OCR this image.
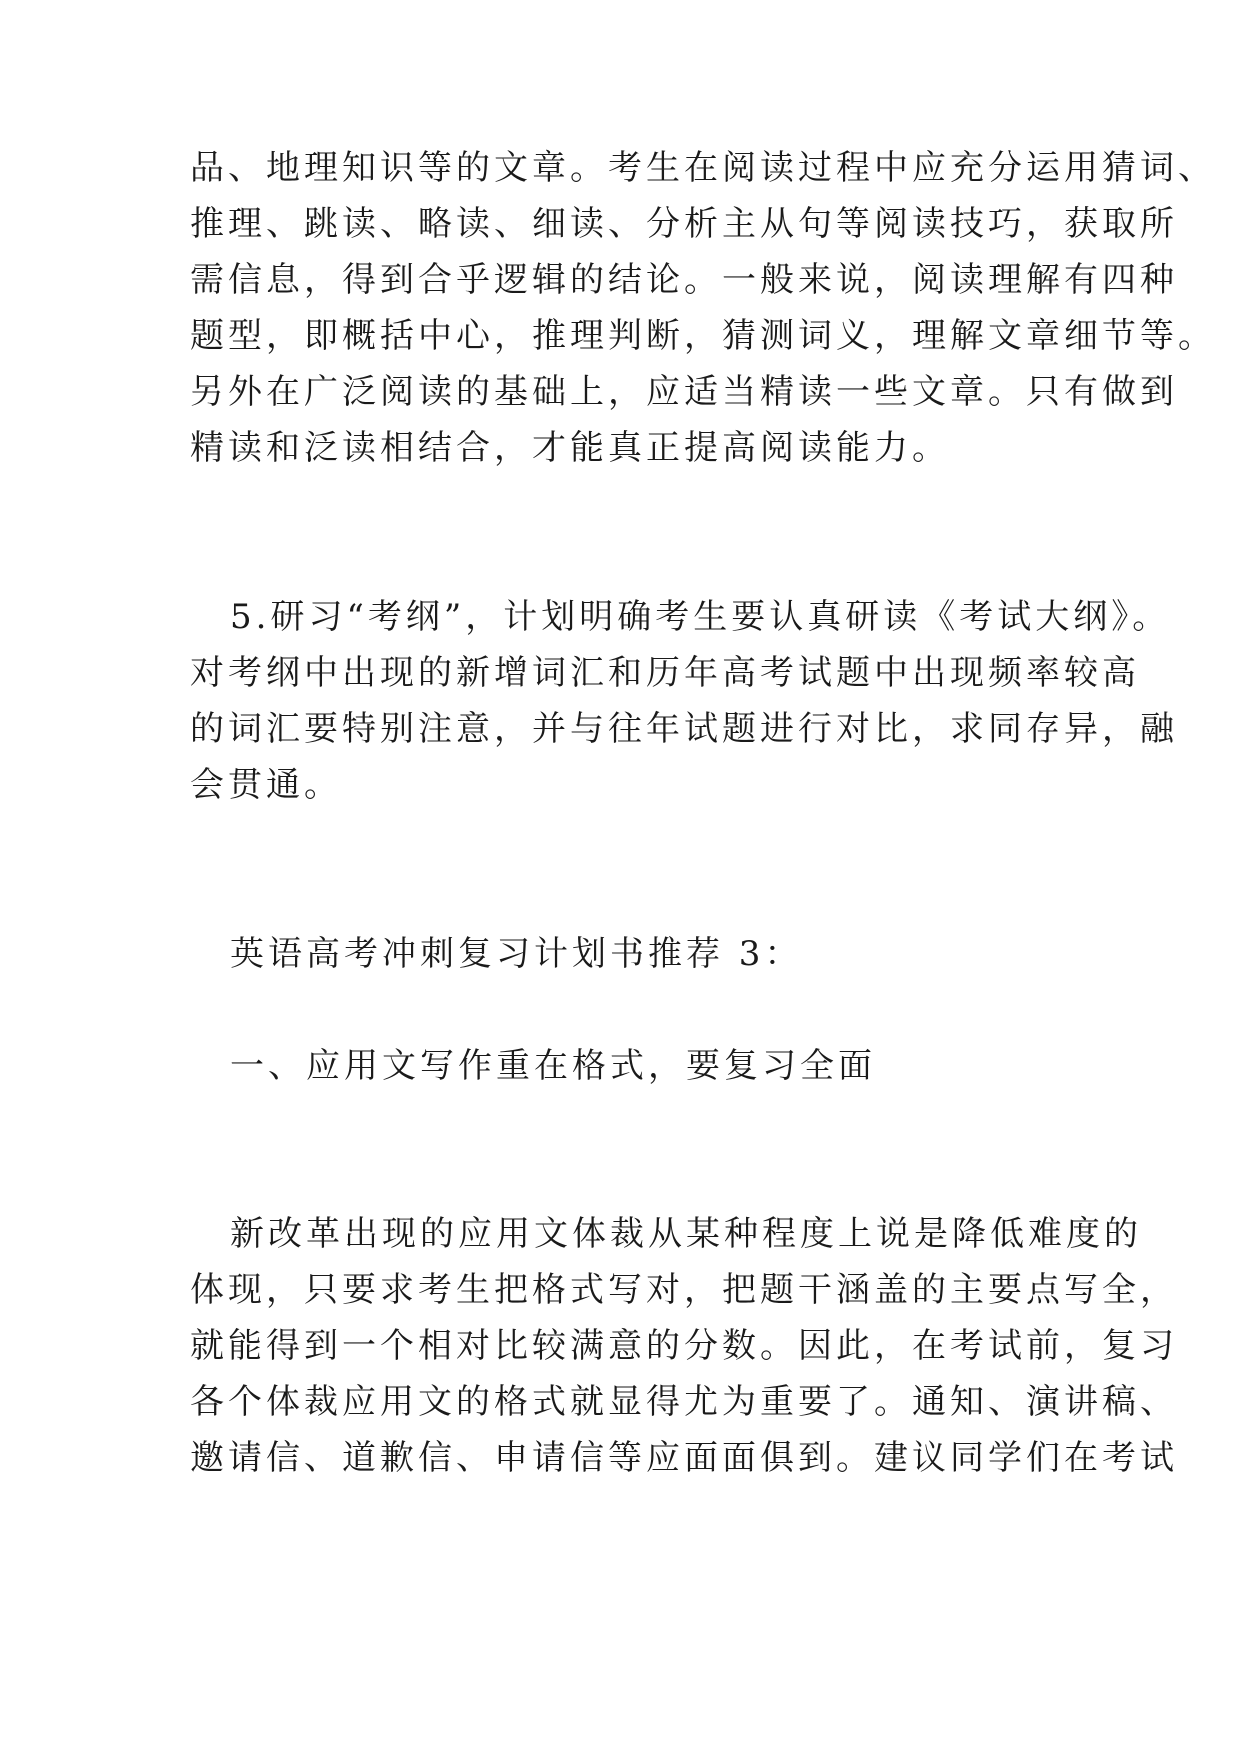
品、地理知识等的文章。考生在阅读过程中应充分运用猜词、

推理、跳读、略读、细读、分析主从句等阅读技巧，获取所

需信息，得到合乎逻辑的结论。一般来说，阅读理解有四种

题型，即概括中心，推理判断，猜测词义，理解文章细节等。

另外在广泛阅读的基础上，应适当精读一些文章。只有做到

精读和泛读相结合，才能真正提高阅读能力。

5.研习“考纲”，计划明确考生要认真研读《考试大纲》。

对考纲中出现的新增词汇和历年高考试题中出现频率较高

的词汇要特别注意，并与往年试题进行对比，求同存异，融

会贯通。

英语高考冲刺复习计划书推荐 3：

一、应用文写作重在格式，要复习全面

新改革出现的应用文体裁从某种程度上说是降低难度的

体现，只要求考生把格式写对，把题干涵盖的主要点写全，

就能得到一个相对比较满意的分数。因此，在考试前，复习

各个体裁应用文的格式就显得尤为重要了。通知、演讲稿、

邀请信、道歉信、申请信等应面面俱到。建议同学们在考试
